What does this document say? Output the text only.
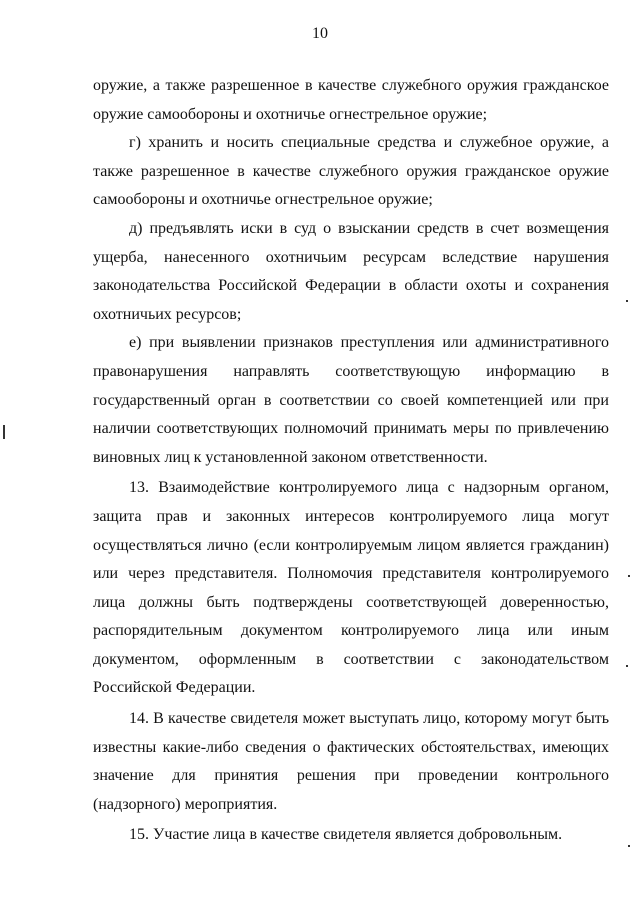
10

оружие, а также разрешенное в качестве служебного оружия гражданское оружие самообороны и охотничье огнестрельное оружие;

г) хранить и носить специальные средства и служебное оружие, а также разрешенное в качестве служебного оружия гражданское оружие самообороны и охотничье огнестрельное оружие;

д) предъявлять иски в суд о взыскании средств в счет возмещения ущерба, нанесенного охотничьим ресурсам вследствие нарушения законодательства Российской Федерации в области охоты и сохранения охотничьих ресурсов;

е) при выявлении признаков преступления или административного правонарушения направлять соответствующую информацию в государственный орган в соответствии со своей компетенцией или при наличии соответствующих полномочий принимать меры по привлечению виновных лиц к установленной законом ответственности.

13. Взаимодействие контролируемого лица с надзорным органом, защита прав и законных интересов контролируемого лица могут осуществляться лично (если контролируемым лицом является гражданин) или через представителя. Полномочия представителя контролируемого лица должны быть подтверждены соответствующей доверенностью, распорядительным документом контролируемого лица или иным документом, оформленным в соответствии с законодательством Российской Федерации.

14. В качестве свидетеля может выступать лицо, которому могут быть известны какие-либо сведения о фактических обстоятельствах, имеющих значение для принятия решения при проведении контрольного (надзорного) мероприятия.

15. Участие лица в качестве свидетеля является добровольным.
